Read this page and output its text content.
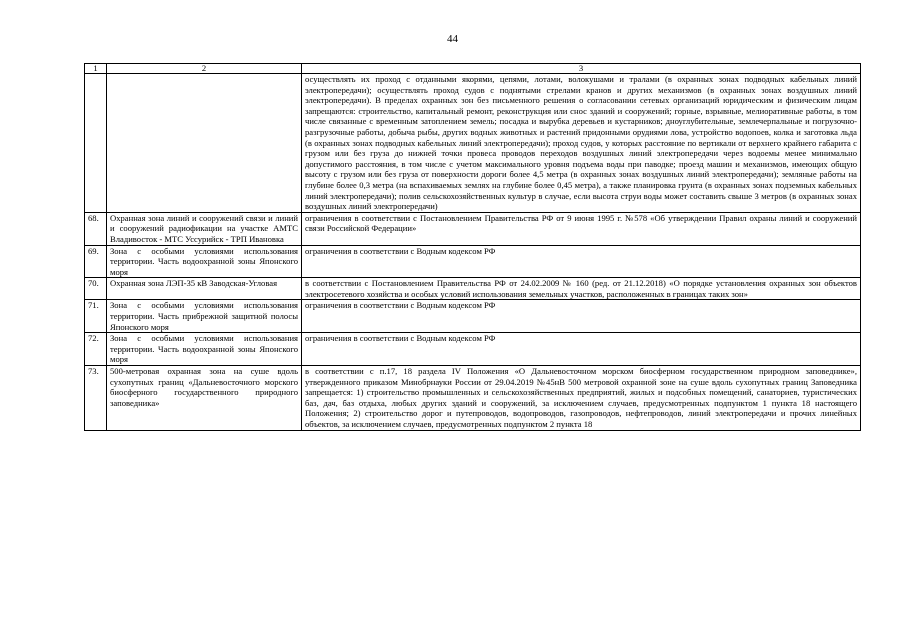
44
1	2	3
		осуществлять их проход с отданными якорями, цепями, лотами, волокушами и тралами (в охранных зонах подводных кабельных линий электропередачи); осуществлять проход судов с поднятыми стрелами кранов и других механизмов (в охранных зонах воздушных линий электропередачи). В пределах охранных зон без письменного решения о согласовании сетевых организаций юридическим и физическим лицам запрещаются: строительство, капитальный ремонт, реконструкция или снос зданий и сооружений; горные, взрывные, мелиоративные работы, в том числе связанные с временным затоплением земель; посадка и вырубка деревьев и кустарников; дноуглубительные, землечерпальные и погрузочно-разгрузочные работы, добыча рыбы, других водных животных и растений придонными орудиями лова, устройство водопоев, колка и заготовка льда (в охранных зонах подводных кабельных линий электропередачи); проход судов, у которых расстояние по вертикали от верхнего крайнего габарита с грузом или без груза до нижней точки провеса проводов переходов воздушных линий электропередачи через водоемы менее минимально допустимого расстояния, в том числе с учетом максимального уровня подъема воды при паводке; проезд машин и механизмов, имеющих общую высоту с грузом или без груза от поверхности дороги более 4,5 метра (в охранных зонах воздушных линий электропередачи); земляные работы на глубине более 0,3 метра (на вспахиваемых землях на глубине более 0,45 метра), а также планировка грунта (в охранных зонах подземных кабельных линий электропередачи); полив сельскохозяйственных культур в случае, если высота струи воды может составить свыше 3 метров (в охранных зонах воздушных линий электропередачи)
68.	Охранная зона линий и сооружений связи и линий и сооружений радиофикации на участке АМТС Владивосток - МТС Уссурийск - ТРП Ивановка	ограничения в соответствии с Постановлением Правительства РФ от 9 июня 1995 г. №578 «Об утверждении Правил охраны линий и сооружений связи Российской Федерации»
69.	Зона с особыми условиями использования территории. Часть водоохранной зоны Японского моря	ограничения в соответствии с Водным кодексом РФ
70.	Охранная зона ЛЭП-35 кВ Заводская-Угловая	в соответствии с Постановлением Правительства РФ от 24.02.2009 № 160 (ред. от 21.12.2018) «О порядке установления охранных зон объектов электросетевого хозяйства и особых условий использования земельных участков, расположенных в границах таких зон»
71.	Зона с особыми условиями использования территории. Часть прибрежной защитной полосы Японского моря	ограничения в соответствии с Водным кодексом РФ
72.	Зона с особыми условиями использования территории. Часть водоохранной зоны Японского моря	ограничения в соответствии с Водным кодексом РФ
73.	500-метровая охранная зона на суше вдоль сухопутных границ «Дальневосточного морского биосферного государственного природного заповедника»	в соответствии с п.17, 18 раздела IV Положения «О Дальневосточном морском биосферном государственном природном заповеднике», утвержденного приказом Минобрнауки России от 29.04.2019 №45нВ 500 метровой охранной зоне на суше вдоль сухопутных границ Заповедника запрещается: 1) строительство промышленных и сельскохозяйственных предприятий, жилых и подсобных помещений, санаториев, туристических баз, дач, баз отдыха, любых других зданий и сооружений, за исключением случаев, предусмотренных подпунктом 1 пункта 18 настоящего Положения; 2) строительство дорог и путепроводов, водопроводов, газопроводов, нефтепроводов, линий электропередачи и прочих линейных объектов, за исключением случаев, предусмотренных подпунктом 2 пункта 18
